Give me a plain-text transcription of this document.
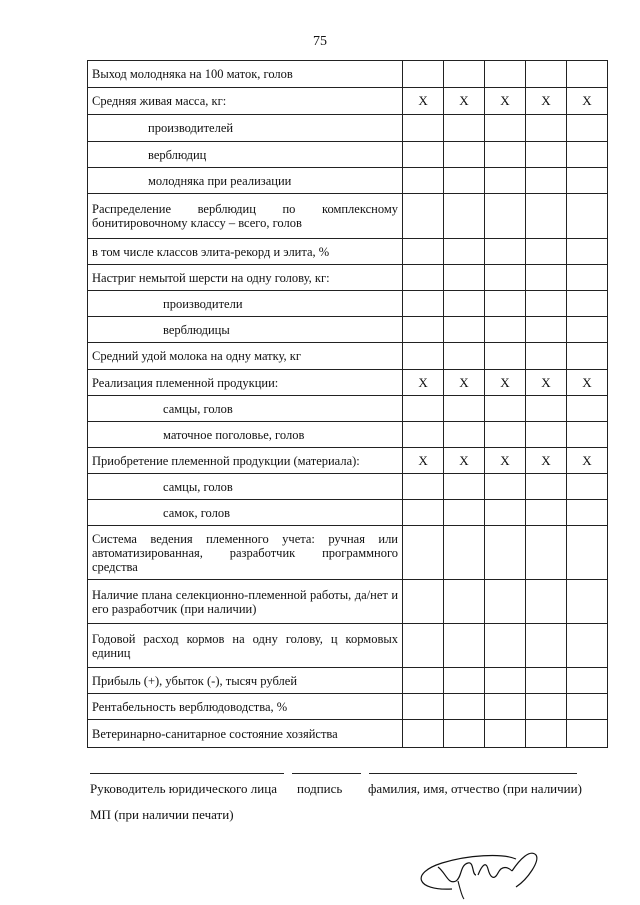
75
Выход молодняка на 100 маток, голов					
Средняя живая масса, кг:	X	X	X	X	X
производителей					
верблюдиц					
молодняка при реализации					
Распределение верблюдиц по комплексному бонитировочному классу – всего, голов					
в том числе классов элита-рекорд и элита, %					
Настриг немытой шерсти на одну голову, кг:					
производители					
верблюдицы					
Средний удой молока на одну матку, кг					
Реализация племенной продукции:	X	X	X	X	X
самцы, голов					
маточное поголовье, голов					
Приобретение племенной продукции (материала):	X	X	X	X	X
самцы, голов					
самок, голов					
Система ведения племенного учета: ручная или автоматизированная, разработчик программного средства					
Наличие плана селекционно-племенной работы, да/нет и его разработчик (при наличии)					
Годовой расход кормов на одну голову, ц кормовых единиц					
Прибыль (+), убыток (-), тысяч рублей					
Рентабельность верблюдоводства, %					
Ветеринарно-санитарное состояние хозяйства					
Руководитель юридического лица подпись фамилия, имя, отчество (при наличии)
МП (при наличии печати)
